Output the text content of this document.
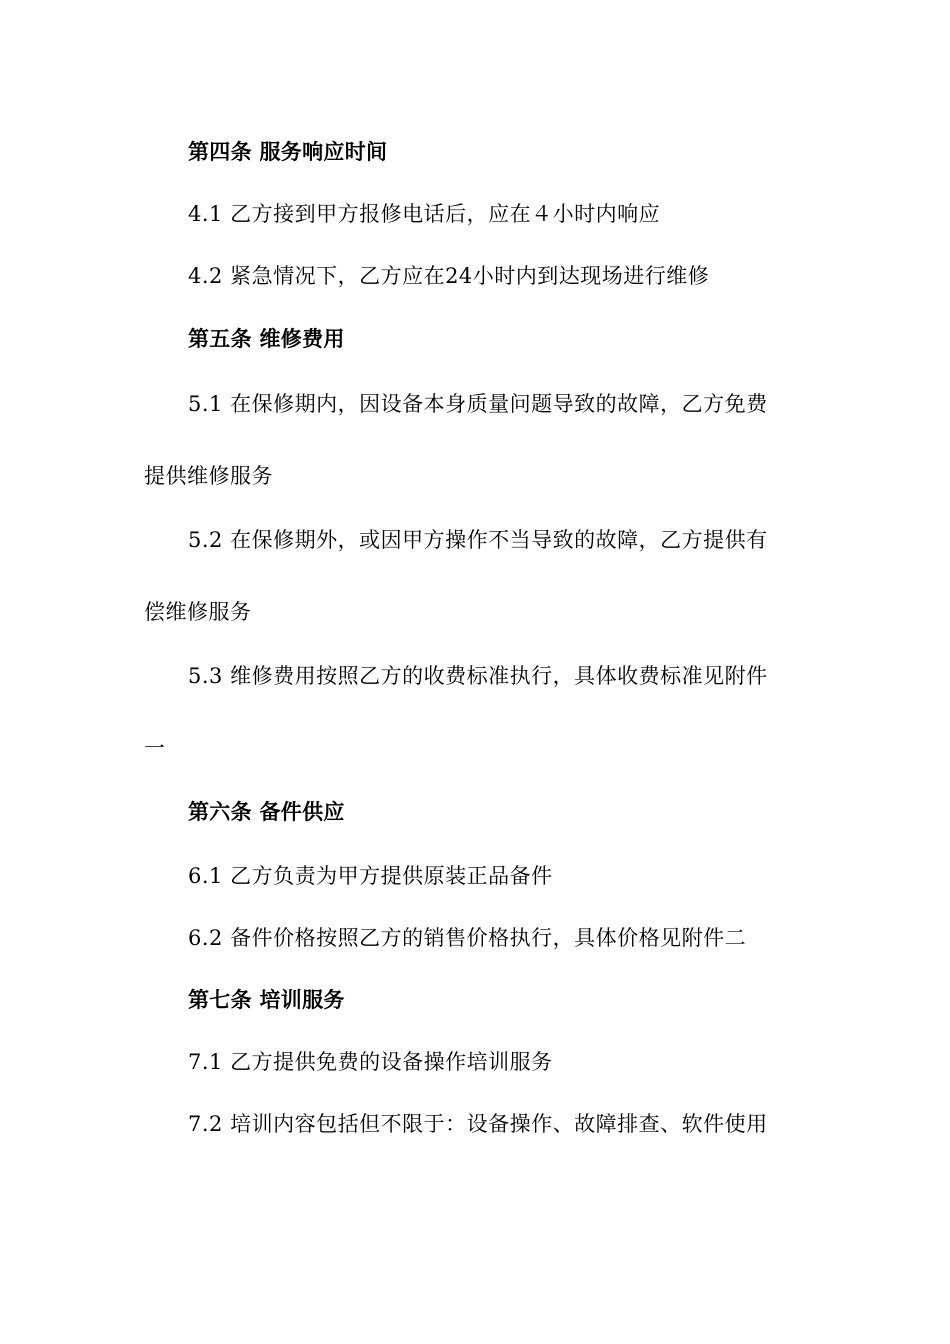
第四条 服务响应时间
4.1 乙方接到甲方报修电话后，应在４小时内响应
4.2 紧急情况下，乙方应在24小时内到达现场进行维修
第五条 维修费用
5.1 在保修期内，因设备本身质量问题导致的故障，乙方免费
提供维修服务
5.2 在保修期外，或因甲方操作不当导致的故障，乙方提供有
偿维修服务
5.3 维修费用按照乙方的收费标准执行，具体收费标准见附件
一
第六条 备件供应
6.1 乙方负责为甲方提供原装正品备件
6.2 备件价格按照乙方的销售价格执行，具体价格见附件二
第七条 培训服务
7.1 乙方提供免费的设备操作培训服务
7.2 培训内容包括但不限于：设备操作、故障排查、软件使用
